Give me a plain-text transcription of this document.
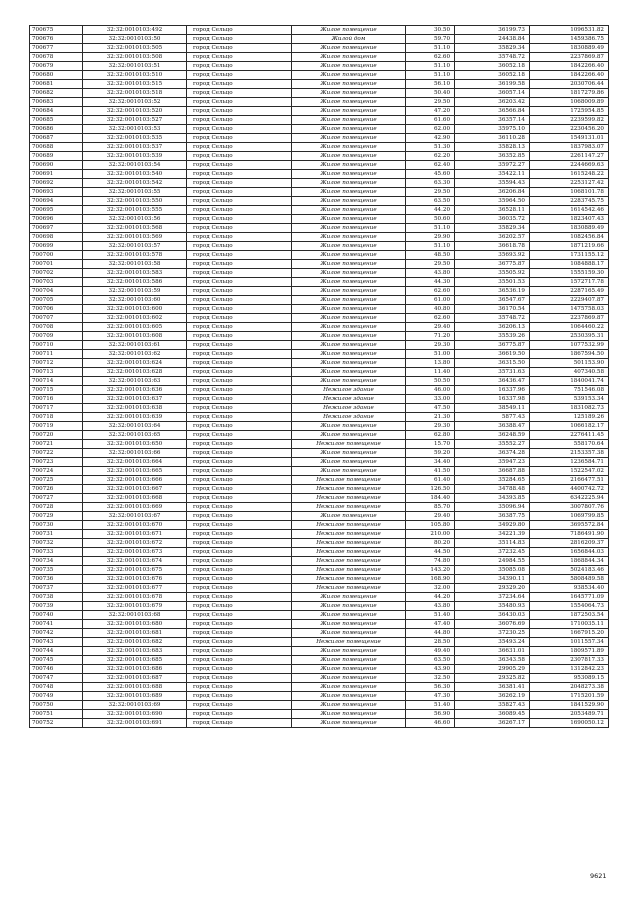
700675	32:32:0010103:492	город Сельцо	Жилое помещение	30.50	36199.73	1096531.82
700676	32:32:0010103:50	город Сельцо	Жилой дом	59.70	24438.84	1459386.75
700677	32:32:0010103:505	город Сельцо	Жилое помещение	51.10	35829.34	1830889.49
700678	32:32:0010103:508	город Сельцо	Жилое помещение	62.60	35748.72	2237869.87
700679	32:32:0010103:51	город Сельцо	Жилое помещение	51.10	36052.18	1842266.40
700680	32:32:0010103:510	город Сельцо	Жилое помещение	51.10	36052.18	1842266.40
700681	32:32:0010103:515	город Сельцо	Жилое помещение	56.10	36199.58	2030706.44
700682	32:32:0010103:518	город Сельцо	Жилое помещение	50.40	36057.14	1817279.86
700683	32:32:0010103:52	город Сельцо	Жилое помещение	29.50	36203.42	1068009.89
700684	32:32:0010103:520	город Сельцо	Жилое помещение	47.20	36566.84	1725954.85
700685	32:32:0010103:527	город Сельцо	Жилое помещение	61.60	36357.14	2239599.82
700686	32:32:0010103:53	город Сельцо	Жилое помещение	62.00	35975.10	2230456.20
700687	32:32:0010103:535	город Сельцо	Жилое помещение	42.90	36110.28	1549131.01
700688	32:32:0010103:537	город Сельцо	Жилое помещение	51.30	35828.13	1837983.07
700689	32:32:0010103:539	город Сельцо	Жилое помещение	62.20	36352.85	2261147.27
700690	32:32:0010103:54	город Сельцо	Жилое помещение	62.40	35972.27	2244669.63
700691	32:32:0010103:540	город Сельцо	Жилое помещение	45.60	35422.11	1615248.22
700692	32:32:0010103:542	город Сельцо	Жилое помещение	63.30	35594.43	2253127.42
700693	32:32:0010103:55	город Сельцо	Жилое помещение	29.50	36206.84	1068101.78
700694	32:32:0010103:550	город Сельцо	Жилое помещение	63.50	35964.50	2283745.75
700695	32:32:0010103:555	город Сельцо	Жилое помещение	44.20	36528.11	1614542.46
700696	32:32:0010103:56	город Сельцо	Жилое помещение	50.60	36035.72	1823407.43
700697	32:32:0010103:568	город Сельцо	Жилое помещение	51.10	35829.34	1830889.49
700698	32:32:0010103:569	город Сельцо	Жилое помещение	29.90	36202.57	1082456.84
700699	32:32:0010103:57	город Сельцо	Жилое помещение	51.10	36618.78	1871219.66
700700	32:32:0010103:578	город Сельцо	Жилое помещение	48.50	35693.92	1731155.12
700701	32:32:0010103:58	город Сельцо	Жилое помещение	29.50	36775.87	1084888.17
700702	32:32:0010103:583	город Сельцо	Жилое помещение	43.80	35505.92	1555159.30
700703	32:32:0010103:586	город Сельцо	Жилое помещение	44.30	35501.53	1572717.78
700704	32:32:0010103:59	город Сельцо	Жилое помещение	62.60	36536.19	2287165.49
700705	32:32:0010103:60	город Сельцо	Жилое помещение	61.00	36547.67	2229407.87
700706	32:32:0010103:600	город Сельцо	Жилое помещение	40.80	36170.54	1475758.03
700707	32:32:0010103:602	город Сельцо	Жилое помещение	62.60	35748.72	2237869.87
700708	32:32:0010103:605	город Сельцо	Жилое помещение	29.40	36206.13	1064460.22
700709	32:32:0010103:608	город Сельцо	Жилое помещение	71.20	35539.26	2530395.31
700710	32:32:0010103:61	город Сельцо	Жилое помещение	29.30	36775.87	1077532.99
700711	32:32:0010103:62	город Сельцо	Жилое помещение	51.00	36619.50	1867594.50
700712	32:32:0010103:624	город Сельцо	Жилое помещение	13.80	36315.50	501153.90
700713	32:32:0010103:628	город Сельцо	Жилое помещение	11.40	35731.63	407340.58
700714	32:32:0010103:63	город Сельцо	Жилое помещение	50.50	36436.47	1840041.74
700715	32:32:0010103:636	город Сельцо	Нежилое здание	46.00	16337.96	751546.08
700716	32:32:0010103:637	город Сельцо	Нежилое здание	33.00	16337.98	539153.34
700717	32:32:0010103:638	город Сельцо	Нежилое здание	47.50	38549.11	1831082.73
700718	32:32:0010103:639	город Сельцо	Нежилое здание	21.30	5877.43	125189.26
700719	32:32:0010103:64	город Сельцо	Жилое помещение	29.30	36388.47	1066182.17
700720	32:32:0010103:65	город Сельцо	Жилое помещение	62.80	36248.59	2276411.45
700721	32:32:0010103:650	город Сельцо	Нежилое помещение	15.70	35552.27	558170.64
700722	32:32:0010103:66	город Сельцо	Жилое помещение	59.20	36374.28	2153357.38
700723	32:32:0010103:664	город Сельцо	Жилое помещение	34.40	35947.23	1236584.71
700724	32:32:0010103:665	город Сельцо	Жилое помещение	41.50	36687.88	1522547.02
700725	32:32:0010103:666	город Сельцо	Нежилое помещение	61.40	35284.65	2166477.51
700726	32:32:0010103:667	город Сельцо	Нежилое помещение	126.50	34788.48	4400742.72
700727	32:32:0010103:668	город Сельцо	Нежилое помещение	184.40	34393.85	6342225.94
700728	32:32:0010103:669	город Сельцо	Нежилое помещение	85.70	35096.94	3007807.76
700729	32:32:0010103:67	город Сельцо	Жилое помещение	29.40	36387.75	1069799.85
700730	32:32:0010103:670	город Сельцо	Нежилое помещение	105.80	34929.80	3695572.84
700731	32:32:0010103:671	город Сельцо	Нежилое помещение	210.00	34221.39	7186491.90
700732	32:32:0010103:672	город Сельцо	Нежилое помещение	80.20	35114.83	2816209.37
700733	32:32:0010103:673	город Сельцо	Нежилое помещение	44.50	37232.45	1656844.03
700734	32:32:0010103:674	город Сельцо	Нежилое помещение	74.80	24984.55	1868844.34
700735	32:32:0010103:675	город Сельцо	Нежилое помещение	143.20	35085.08	5024183.46
700736	32:32:0010103:676	город Сельцо	Нежилое помещение	168.90	34390.11	5808489.58
700737	32:32:0010103:677	город Сельцо	Нежилое помещение	32.00	29329.20	938534.40
700738	32:32:0010103:678	город Сельцо	Жилое помещение	44.20	37234.64	1645771.09
700739	32:32:0010103:679	город Сельцо	Жилое помещение	43.80	35480.93	1554064.73
700740	32:32:0010103:68	город Сельцо	Жилое помещение	51.40	36430.03	1872503.54
700741	32:32:0010103:680	город Сельцо	Жилое помещение	47.40	36076.69	1710035.11
700742	32:32:0010103:681	город Сельцо	Жилое помещение	44.80	37230.25	1667915.20
700743	32:32:0010103:682	город Сельцо	Нежилое помещение	28.50	35493.24	1011557.34
700744	32:32:0010103:683	город Сельцо	Жилое помещение	49.40	36631.01	1809571.89
700745	32:32:0010103:685	город Сельцо	Жилое помещение	63.50	36343.58	2307817.33
700746	32:32:0010103:686	город Сельцо	Жилое помещение	43.90	29905.29	1312842.23
700747	32:32:0010103:687	город Сельцо	Жилое помещение	32.50	29325.82	953089.15
700748	32:32:0010103:688	город Сельцо	Жилое помещение	56.30	36381.41	2048273.38
700749	32:32:0010103:689	город Сельцо	Жилое помещение	47.30	36262.19	1715201.59
700750	32:32:0010103:69	город Сельцо	Жилое помещение	51.40	35827.43	1841529.90
700751	32:32:0010103:690	город Сельцо	Жилое помещение	56.90	36089.45	2053489.71
700752	32:32:0010103:691	город Сельцо	Жилое помещение	46.60	36267.17	1690050.12
9621
